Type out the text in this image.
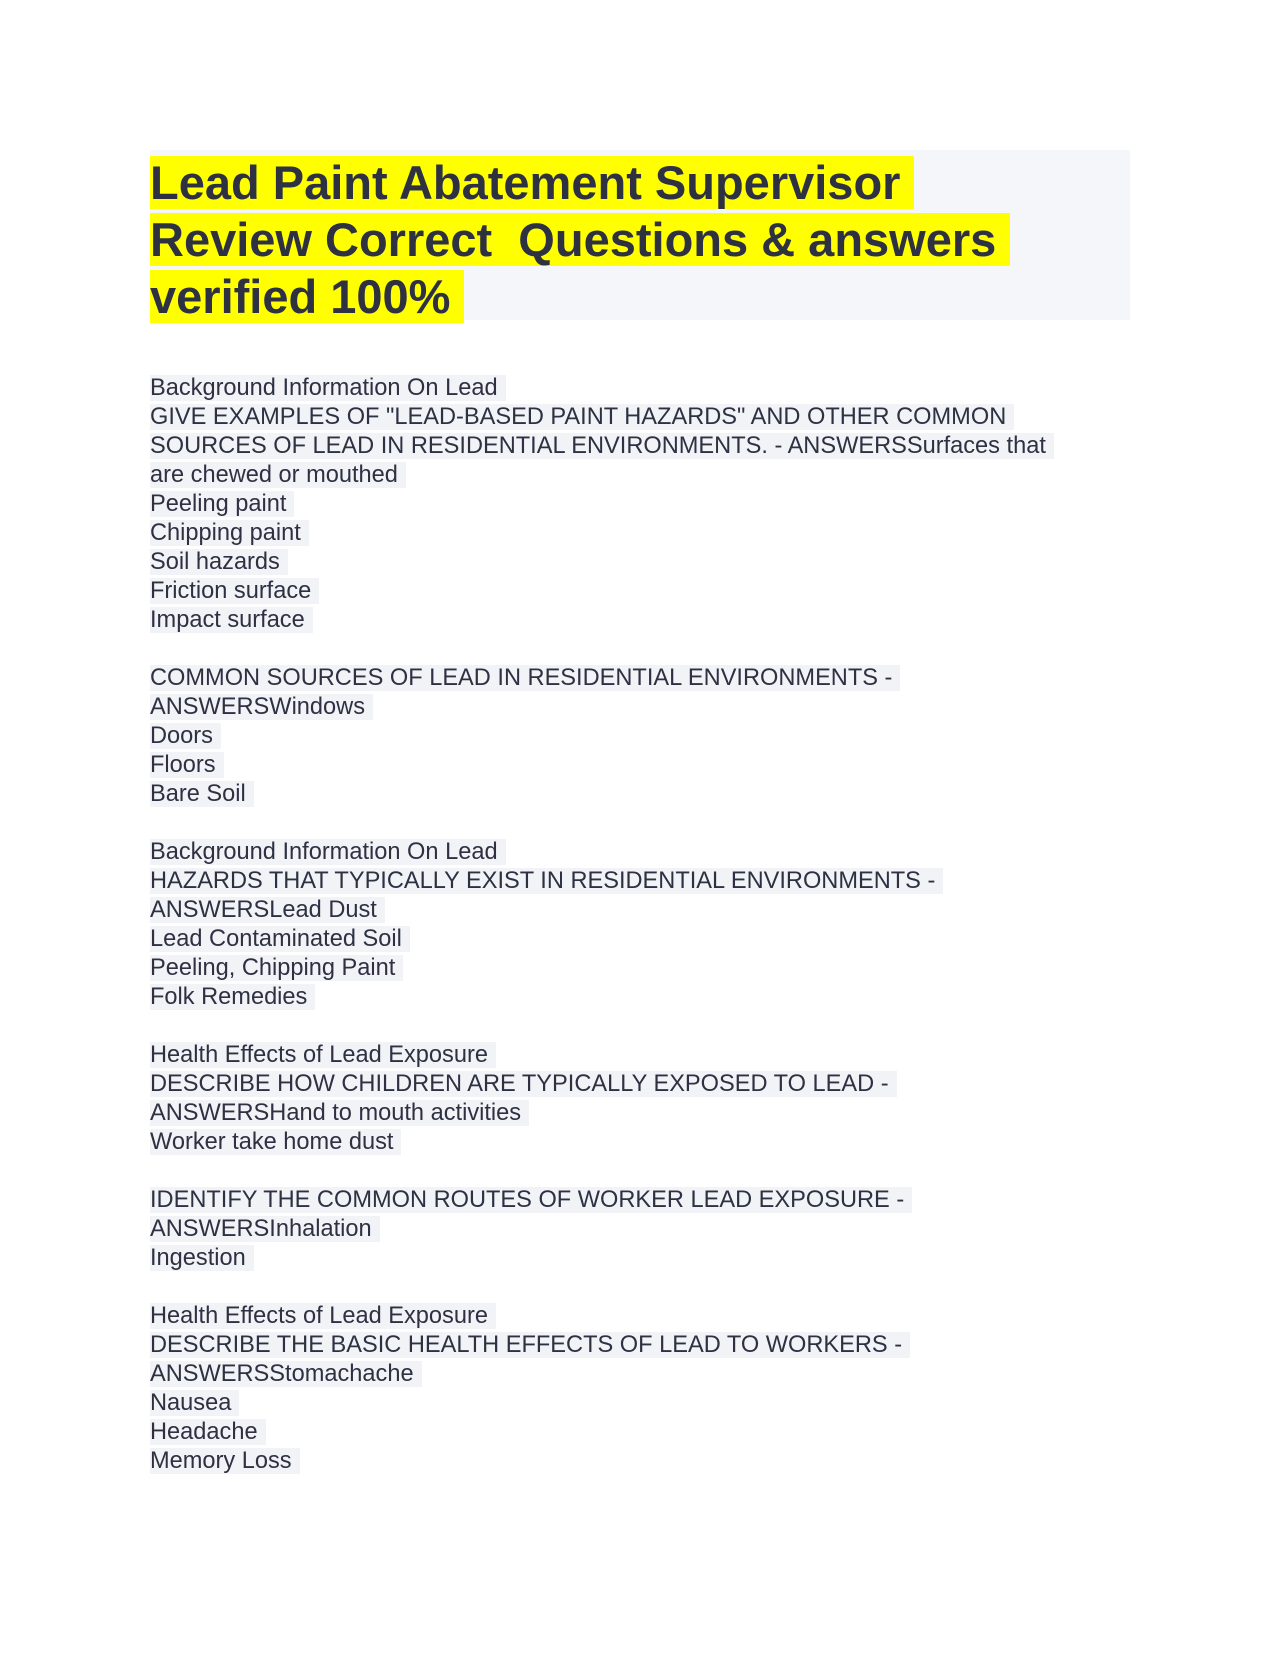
Lead Paint Abatement Supervisor
Review Correct  Questions & answers
verified 100%
Background Information On Lead
GIVE EXAMPLES OF "LEAD-BASED PAINT HAZARDS" AND OTHER COMMON
SOURCES OF LEAD IN RESIDENTIAL ENVIRONMENTS. - ANSWERSSurfaces that
are chewed or mouthed
Peeling paint
Chipping paint
Soil hazards
Friction surface
Impact surface
COMMON SOURCES OF LEAD IN RESIDENTIAL ENVIRONMENTS -
ANSWERSWindows
Doors
Floors
Bare Soil
Background Information On Lead
HAZARDS THAT TYPICALLY EXIST IN RESIDENTIAL ENVIRONMENTS -
ANSWERSLead Dust
Lead Contaminated Soil
Peeling, Chipping Paint
Folk Remedies
Health Effects of Lead Exposure
DESCRIBE HOW CHILDREN ARE TYPICALLY EXPOSED TO LEAD -
ANSWERSHand to mouth activities
Worker take home dust
IDENTIFY THE COMMON ROUTES OF WORKER LEAD EXPOSURE -
ANSWERSInhalation
Ingestion
Health Effects of Lead Exposure
DESCRIBE THE BASIC HEALTH EFFECTS OF LEAD TO WORKERS -
ANSWERSStomachache
Nausea
Headache
Memory Loss
